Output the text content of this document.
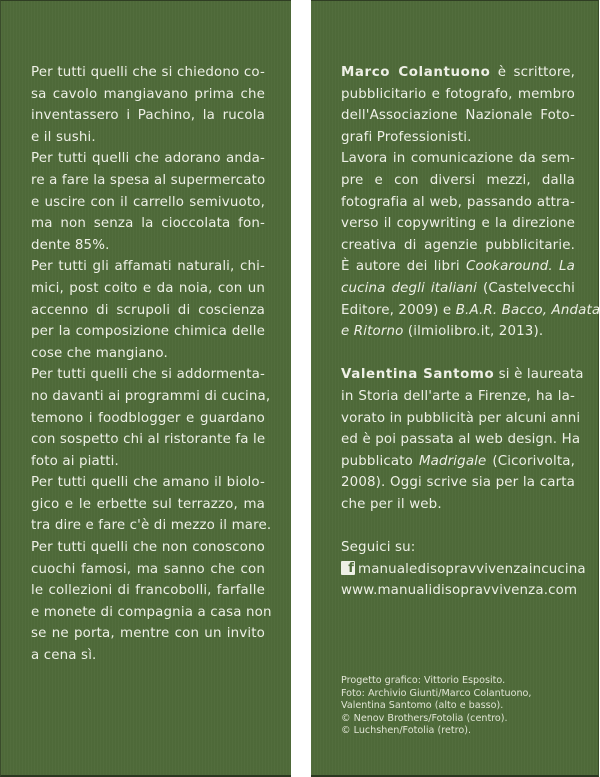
Per tutti quelli che si chiedono co-
sa cavolo mangiavano prima che
inventassero i Pachino, la rucola
e il sushi.
Per tutti quelli che adorano anda-
re a fare la spesa al supermercato
e uscire con il carrello semivuoto,
ma non senza la cioccolata fon-
dente 85%.
Per tutti gli affamati naturali, chi-
mici, post coito e da noia, con un
accenno di scrupoli di coscienza
per la composizione chimica delle
cose che mangiano.
Per tutti quelli che si addormenta-
no davanti ai programmi di cucina,
temono i foodblogger e guardano
con sospetto chi al ristorante fa le
foto ai piatti.
Per tutti quelli che amano il biolo-
gico e le erbette sul terrazzo, ma
tra dire e fare c'è di mezzo il mare.
Per tutti quelli che non conoscono
cuochi famosi, ma sanno che con
le collezioni di francobolli, farfalle
e monete di compagnia a casa non
se ne porta, mentre con un invito
a cena sì.
Marco Colantuono è scrittore,
pubblicitario e fotografo, membro
dell'Associazione Nazionale Foto-
grafi Professionisti.
Lavora in comunicazione da sem-
pre e con diversi mezzi, dalla
fotografia al web, passando attra-
verso il copywriting e la direzione
creativa di agenzie pubblicitarie.
È autore dei libri Cookaround. La
cucina degli italiani (Castelvecchi
Editore, 2009) e B.A.R. Bacco, Andata
e Ritorno (ilmiolibro.it, 2013).
Valentina Santomo si è laureata
in Storia dell'arte a Firenze, ha la-
vorato in pubblicità per alcuni anni
ed è poi passata al web design. Ha
pubblicato Madrigale (Cicorivolta,
2008). Oggi scrive sia per la carta
che per il web.
Seguici su:
f manualedisopravvivenzaincucina
www.manualidisopravvivenza.com
Progetto grafico: Vittorio Esposito.
Foto: Archivio Giunti/Marco Colantuono,
Valentina Santomo (alto e basso).
© Nenov Brothers/Fotolia (centro).
© Luchshen/Fotolia (retro).
